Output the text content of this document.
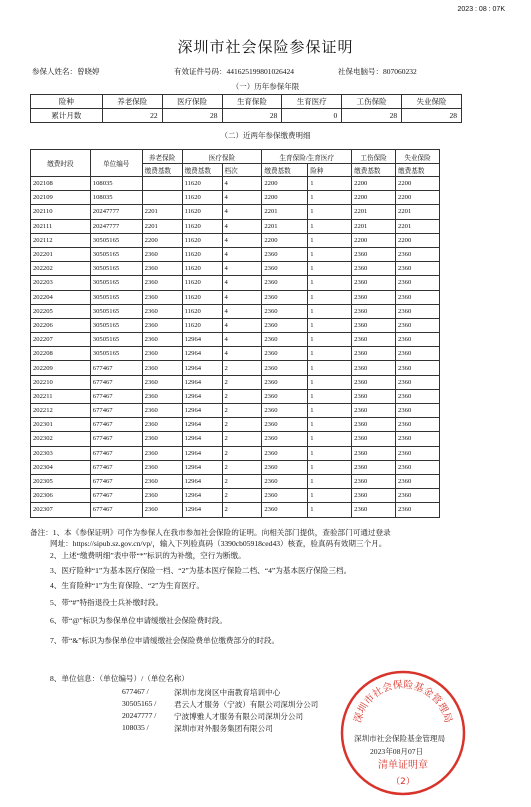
2023 : 08 : 07K
深圳市社会保险参保证明
参保人姓名：曾晓婷	有效证件号码：441625199801026424	社保电脑号：807060232
（一）历年参保年限
险种	养老保险	医疗保险	生育保险	生育医疗	工伤保险	失业保险
累计月数	22	28	28	0	28	28
（二）近两年参保缴费明细
缴费时段	单位编号	养老保险	医疗保险		生育保险/生育医疗		工伤保险	失业保险
		缴费基数	缴费基数	档次	缴费基数	险种	缴费基数	缴费基数
202108	108035		11620	4	2200	1	2200	2200
202109	108035		11620	4	2200	1	2200	2200
202110	20247777	2201	11620	4	2201	1	2201	2201
202111	20247777	2201	11620	4	2201	1	2201	2201
202112	30505165	2200	11620	4	2200	1	2200	2200
202201	30505165	2360	11620	4	2360	1	2360	2360
202202	30505165	2360	11620	4	2360	1	2360	2360
202203	30505165	2360	11620	4	2360	1	2360	2360
202204	30505165	2360	11620	4	2360	1	2360	2360
202205	30505165	2360	11620	4	2360	1	2360	2360
202206	30505165	2360	11620	4	2360	1	2360	2360
202207	30505165	2360	12964	4	2360	1	2360	2360
202208	30505165	2360	12964	4	2360	1	2360	2360
202209	677467	2360	12964	2	2360	1	2360	2360
202210	677467	2360	12964	2	2360	1	2360	2360
202211	677467	2360	12964	2	2360	1	2360	2360
202212	677467	2360	12964	2	2360	1	2360	2360
202301	677467	2360	12964	2	2360	1	2360	2360
202302	677467	2360	12964	2	2360	1	2360	2360
202303	677467	2360	12964	2	2360	1	2360	2360
202304	677467	2360	12964	2	2360	1	2360	2360
202305	677467	2360	12964	2	2360	1	2360	2360
202306	677467	2360	12964	2	2360	1	2360	2360
202307	677467	2360	12964	2	2360	1	2360	2360
备注：1、本《参保证明》可作为参保人在我市参加社会保险的证明。向相关部门提供，查验部门可通过登录
网址：https://sipub.sz.gov.cn/vp/，输入下列验真码（3390cb05918ced43）核查，验真码有效期三个月。
2、上述“缴费明细”表中带“*”标识的为补缴，空行为断缴。
3、医疗险种“1”为基本医疗保险一档、“2”为基本医疗保险二档、“4”为基本医疗保险三档。
4、生育险种“1”为生育保险、“2”为生育医疗。
5、带“#”特指退役士兵补缴时段。
6、带“@”标识为参保单位申请缓缴社会保险费时段。
7、带“&”标识为参保单位申请缓缴社会保险费单位缴费部分的时段。
8、单位信息：（单位编号）/（单位名称）
677467 /	深圳市龙岗区中南教育培训中心
30505165 / 君云人才服务（宁波）有限公司深圳分公司
20247777 / 宁波博雅人才服务有限公司深圳分公司
108035 /	深圳市对外服务集团有限公司
深圳市社会保险基金管理局
2023年08月07日
深圳市社会保险基金管理局
清单证明章
（2）
